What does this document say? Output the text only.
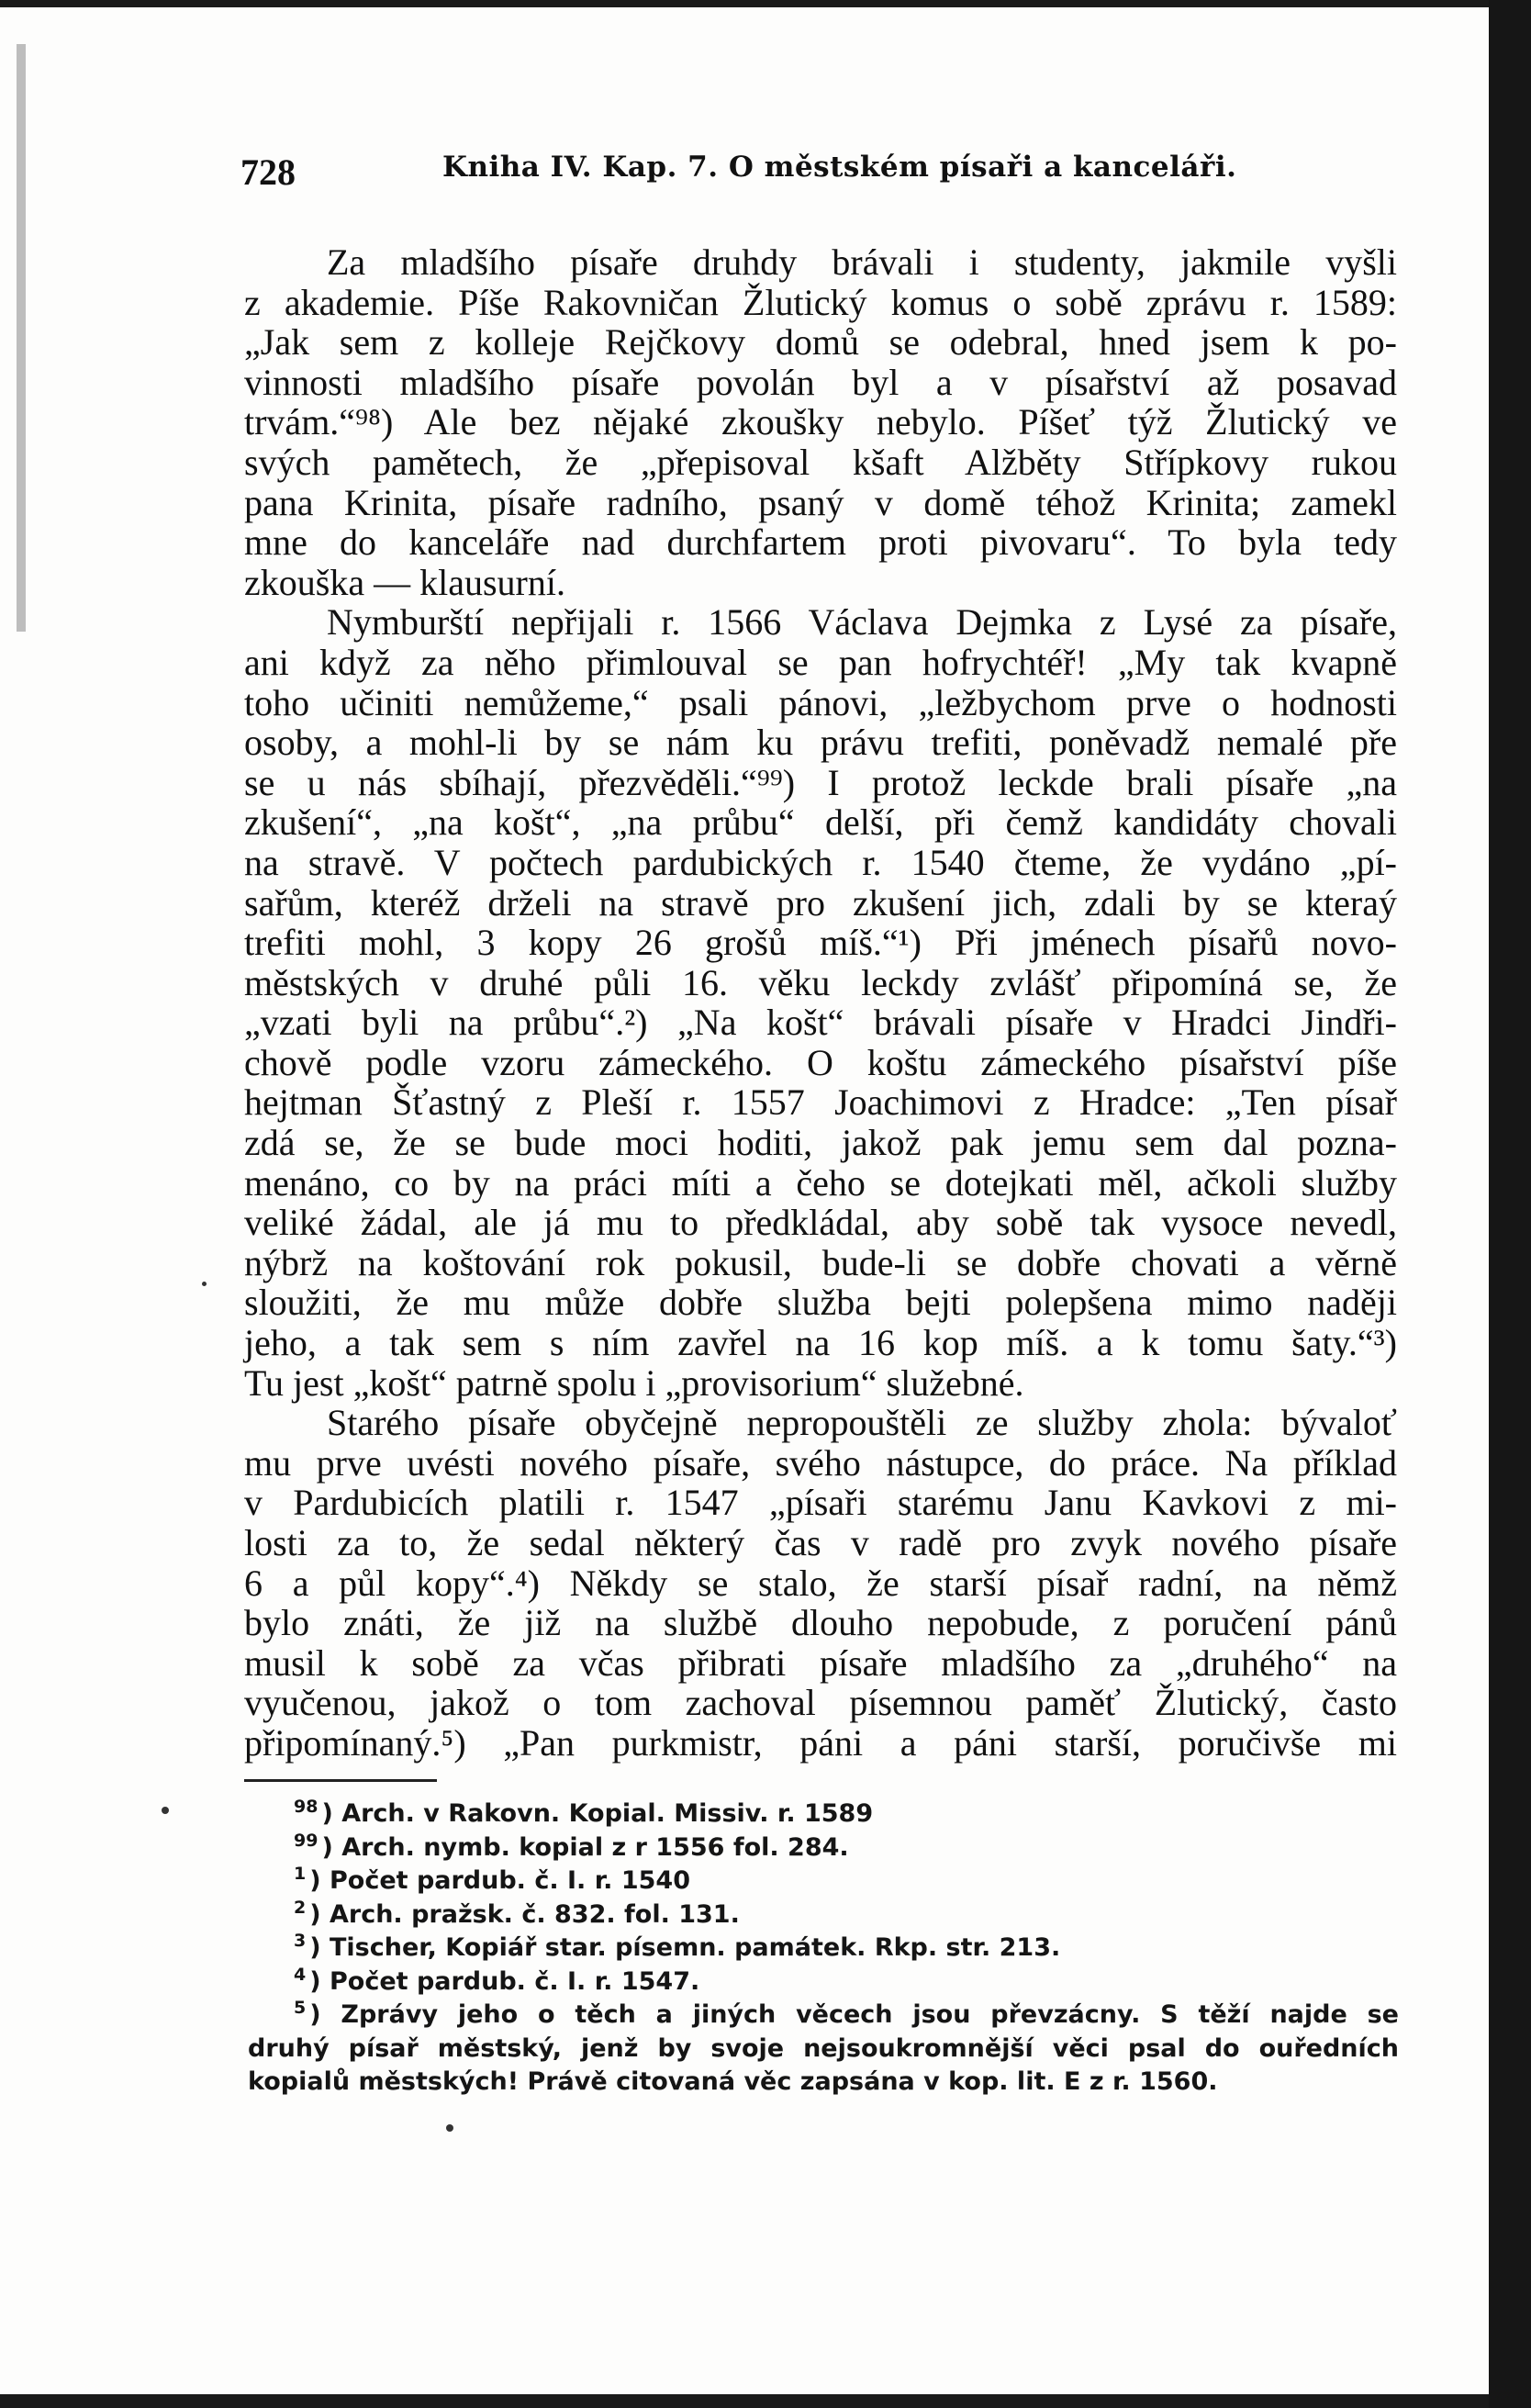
728	Kniha IV. Kap. 7. O městském písaři a kanceláři.
Za mladšího písaře druhdy brávali i studenty, jakmile vyšli
z akademie. Píše Rakovničan Žlutický komus o sobě zprávu r. 1589:
„Jak sem z kolleje Rejčkovy domů se odebral, hned jsem k po-
vinnosti mladšího písaře povolán byl a v písařství až posavad
trvám.“⁹⁸) Ale bez nějaké zkoušky nebylo. Píšeť týž Žlutický ve
svých pamětech, že „přepisoval kšaft Alžběty Střípkovy rukou
pana Krinita, písaře radního, psaný v domě téhož Krinita; zamekl
mne do kanceláře nad durchfartem proti pivovaru“. To byla tedy
zkouška — klausurní.
Nymburští nepřijali r. 1566 Václava Dejmka z Lysé za písaře,
ani když za něho přimlouval se pan hofrychtéř! „My tak kvapně
toho učiniti nemůžeme,“ psali pánovi, „ležbychom prve o hodnosti
osoby, a mohl-li by se nám ku právu trefiti, poněvadž nemalé pře
se u nás sbíhají, přezvěděli.“⁹⁹) I protož leckde brali písaře „na
zkušení“, „na košt“, „na průbu“ delší, při čemž kandidáty chovali
na stravě. V počtech pardubických r. 1540 čteme, že vydáno „pí-
sařům, kteréž drželi na stravě pro zkušení jich, zdali by se kteraý
trefiti mohl, 3 kopy 26 grošů míš.“¹) Při jménech písařů novo-
městských v druhé půli 16. věku leckdy zvlášť připomíná se, že
„vzati byli na průbu“.²) „Na košt“ brávali písaře v Hradci Jindři-
chově podle vzoru zámeckého. O koštu zámeckého písařství píše
hejtman Šťastný z Pleší r. 1557 Joachimovi z Hradce: „Ten písař
zdá se, že se bude moci hoditi, jakož pak jemu sem dal pozna-
menáno, co by na práci míti a čeho se dotejkati měl, ačkoli služby
veliké žádal, ale já mu to předkládal, aby sobě tak vysoce nevedl,
nýbrž na koštování rok pokusil, bude-li se dobře chovati a věrně
sloužiti, že mu může dobře služba bejti polepšena mimo naději
jeho, a tak sem s ním zavřel na 16 kop míš. a k tomu šaty.“³)
Tu jest „košt“ patrně spolu i „provisorium“ služebné.
Starého písaře obyčejně nepropouštěli ze služby zhola: bývaloť
mu prve uvésti nového písaře, svého nástupce, do práce. Na příklad
v Pardubicích platili r. 1547 „písaři starému Janu Kavkovi z mi-
losti za to, že sedal některý čas v radě pro zvyk nového písaře
6 a půl kopy“.⁴) Někdy se stalo, že starší písař radní, na němž
bylo znáti, že již na službě dlouho nepobude, z poručení pánů
musil k sobě za včas přibrati písaře mladšího za „druhého“ na
vyučenou, jakož o tom zachoval písemnou paměť Žlutický, často
připomínaný.⁵) „Pan purkmistr, páni a páni starší, poručivše mi
$^{98}$ ) Arch. v Rakovn. Kopial. Missiv. r. 1589
$^{99}$ ) Arch. nymb. kopial z r 1556 fol. 284.
$^1$ ) Počet pardub. č. I. r. 1540
$^2$ ) Arch. pražsk. č. 832. fol. 131.
$^3$ ) Tischer, Kopiář star. písemn. památek. Rkp. str. 213.
$^4$ ) Počet pardub. č. I. r. 1547.
$^5$ ) Zprávy jeho o těch a jiných věcech jsou převzácny. S těží najde se
druhý písař městský, jenž by svoje nejsoukromnější věci psal do ouředních
kopialů městských! Právě citovaná věc zapsána v kop. lit. E z r. 1560.
